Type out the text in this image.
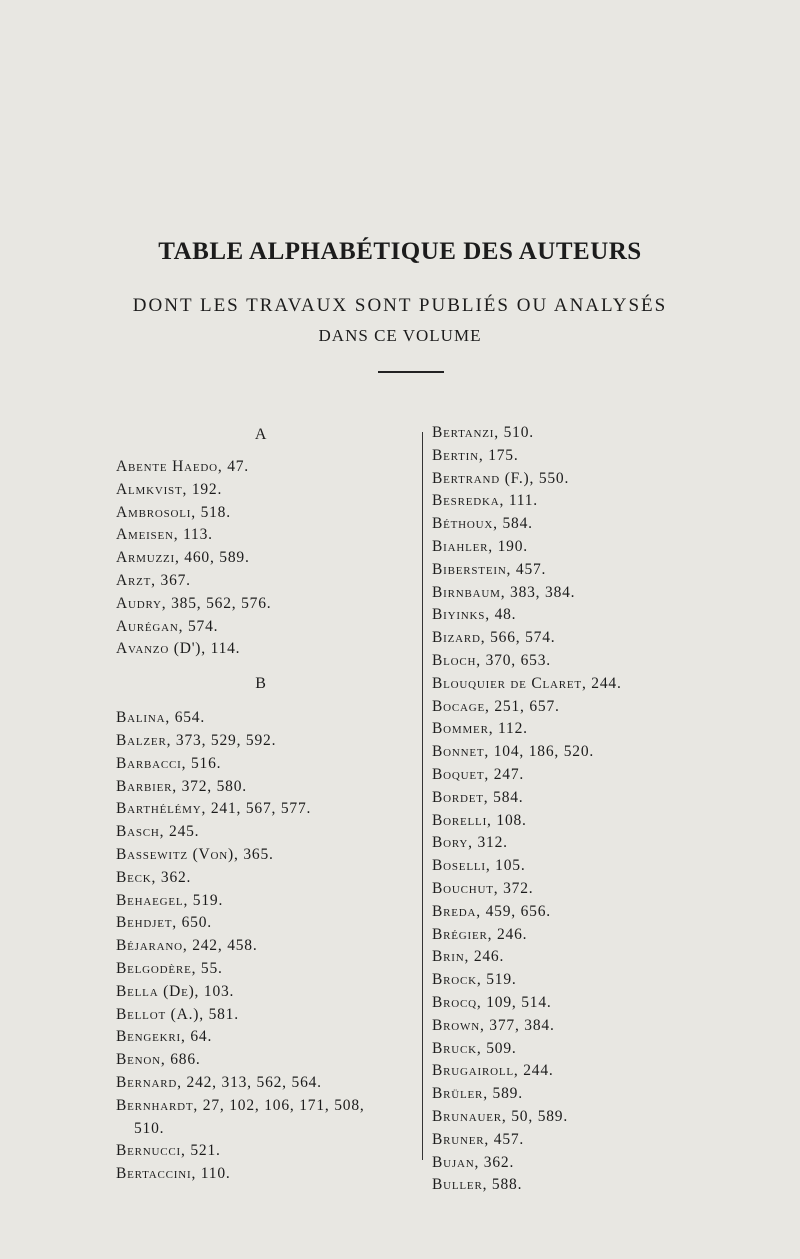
TABLE ALPHABÉTIQUE DES AUTEURS
DONT LES TRAVAUX SONT PUBLIÉS OU ANALYSÉS
DANS CE VOLUME
A
Abente Haedo, 47.
Almkvist, 192.
Ambrosoli, 518.
Ameisen, 113.
Armuzzi, 460, 589.
Arzt, 367.
Audry, 385, 562, 576.
Aurégan, 574.
Avanzo (D'), 114.
B
Balina, 654.
Balzer, 373, 529, 592.
Barbacci, 516.
Barbier, 372, 580.
Barthélémy, 241, 567, 577.
Basch, 245.
Bassewitz (Von), 365.
Beck, 362.
Behaegel, 519.
Behdjet, 650.
Béjarano, 242, 458.
Belgodère, 55.
Bella (De), 103.
Bellot (A.), 581.
Bengekri, 64.
Benon, 686.
Bernard, 242, 313, 562, 564.
Bernhardt, 27, 102, 106, 171, 508,
510.
Bernucci, 521.
Bertaccini, 110.
Bertanzi, 510.
Bertin, 175.
Bertrand (F.), 550.
Besredka, 111.
Béthoux, 584.
Biahler, 190.
Biberstein, 457.
Birnbaum, 383, 384.
Biyinks, 48.
Bizard, 566, 574.
Bloch, 370, 653.
Blouquier de Claret, 244.
Bocage, 251, 657.
Bommer, 112.
Bonnet, 104, 186, 520.
Boquet, 247.
Bordet, 584.
Borelli, 108.
Bory, 312.
Boselli, 105.
Bouchut, 372.
Breda, 459, 656.
Brégier, 246.
Brin, 246.
Brock, 519.
Brocq, 109, 514.
Brown, 377, 384.
Bruck, 509.
Brugairoll, 244.
Brüler, 589.
Brunauer, 50, 589.
Bruner, 457.
Bujan, 362.
Buller, 588.
